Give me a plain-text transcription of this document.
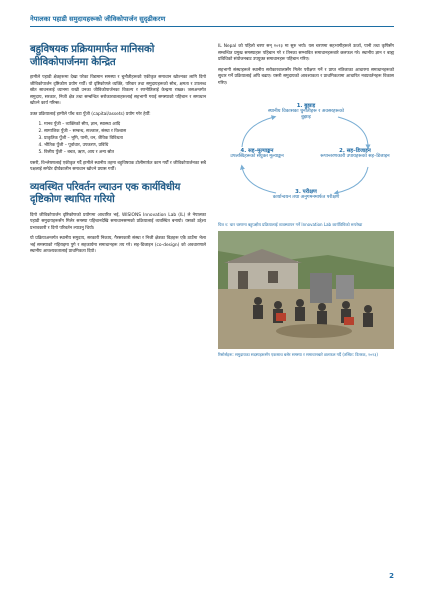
नेपालका पहाडी समुदायहरूको जीविकोपार्जन सुदृढीकरण
बहुविषयक प्रक्रियामार्फत मानिसको जीविकोपार्जनमा केन्द्रित

हामीले पहाडी क्षेत्रहरूमा देखा परेका विद्यमान समस्या र चुनौतीहरूको एकीकृत समाधान खोज्नका लागि दिगो जीविकोपार्जन दृष्टिकोण प्रयोग गर्यौं। यो दृष्टिकोणले व्यक्ति, परिवार तथा समुदायहरूको सोच, क्षमता र उपलब्ध स्रोत साधनलाई ध्यानमा राखी उनका जीविकोपार्जनका विकल्प र रणनीतिलाई केन्द्रमा राख्छ। जसअन्तर्गत समुदाय, सरकार, निजी क्षेत्र तथा सम्बन्धित सरोकारवालाहरूलाई सहभागी गराई समस्याको पहिचान र समाधान खोज्ने कार्य गरिन्छ।

उक्त प्रक्रियालाई हामीले पाँच वटा पुँजी (capital/assets) प्रयोग गरेर हेर्यौं:

1. मानव पुँजी – व्यक्तिको सीप, ज्ञान, स्वास्थ्य आदि
2. सामाजिक पुँजी – सम्बन्ध, सञ्जाल, संस्था र विश्वास
3. प्राकृतिक पुँजी – भूमि, पानी, वन, जैविक विविधता
4. भौतिक पुँजी – पूर्वाधार, उपकरण, प्रविधि
5. वित्तीय पुँजी – बचत, ऋण, आय र अन्य स्रोत

यसरी, विश्लेषणलाई एकीकृत गर्दै हामीले स्थानीय तहमा बहुविषयक टोलीमार्फत काम गर्यौं र जीविकोपार्जनका सबै पक्षलाई समेटेर दीर्घकालीन समाधान खोज्ने प्रयास गर्यौं।

व्यवस्थित परिवर्तन ल्याउन एक कार्यविधीय दृष्टिकोण स्थापित गरियो

दिगो जीविकोपार्जन दृष्टिकोणको प्रयोगमा आधारित भई, WISIONS Innovation Lab (IL) ले नेपालका पहाडी समुदायहरूसँग मिलेर समस्या पहिचानदेखि समाधानसम्मको प्रक्रियालाई व्यवस्थित बनायो। यसको उद्देश्य प्रभावकारी र दिगो परिवर्तन ल्याउनु थियो।

यो प्रक्रियाअन्तर्गत स्थानीय समुदाय, सरकारी निकाय, गैरसरकारी संस्था र निजी क्षेत्रका विज्ञहरू एकै ठाउँमा भेला भई समस्याको गहिराइमा पुगे र सहकार्यमा समाधानहरू तय गरे। सह-डिजाइन (co-design) को अवधारणाले स्थानीय आवश्यकतालाई प्राथमिकता दियो।

IL Nepal को पहिलो चरण सन् २०२३ मा सुरु भयो। यस चरणमा सहभागीहरूले ऊर्जा, पानी तथा कृषिसँग सम्बन्धित प्रमुख समस्याहरू पहिचान गरे र तिनका सम्भावित समाधानहरूबारे छलफल गरे। स्थानीय ज्ञान र बाह्य प्रविधिको संयोजनबाट उपयुक्त समाधानहरू पहिचान गरिए।

सहभागी संस्थाहरूले स्थानीय सरोकारवालासँग मिलेर परीक्षण गर्ने र प्राप्त नतिजाका आधारमा समाधानहरूको सुधार गर्ने प्रक्रियालाई अघि बढाए। यसरी समुदायको आवश्यकता र प्राथमिकतामा आधारित नवप्रवर्तनहरू विकास गरिए।

1. बुझाइ
स्थानीय विकासका चुनौतीहरू र अवसरहरूको बुझाइ
2. सह–डिजाइन
रूपान्तरणकारी उपायहरूको सह–डिजाइन
3. परीक्षण
कार्यान्वयन तथा अनुगमनमार्फत परीक्षण
4. सह–मूल्याङ्कन
उपलब्धिहरूको संयुक्त मूल्याङ्कन
चित्र १: चार चरणमा बहुपक्षीय प्रक्रियालाई व्यवस्थापन गर्ने Innovation Lab कार्यविधिको रूपरेखा
रिसोर्सहरू: समुदायका सदस्यहरूसँग एकसाथ बसेर समस्या र समाधानबारे छलफल गर्दै (तस्विर: वितरक, २०२३)
2
